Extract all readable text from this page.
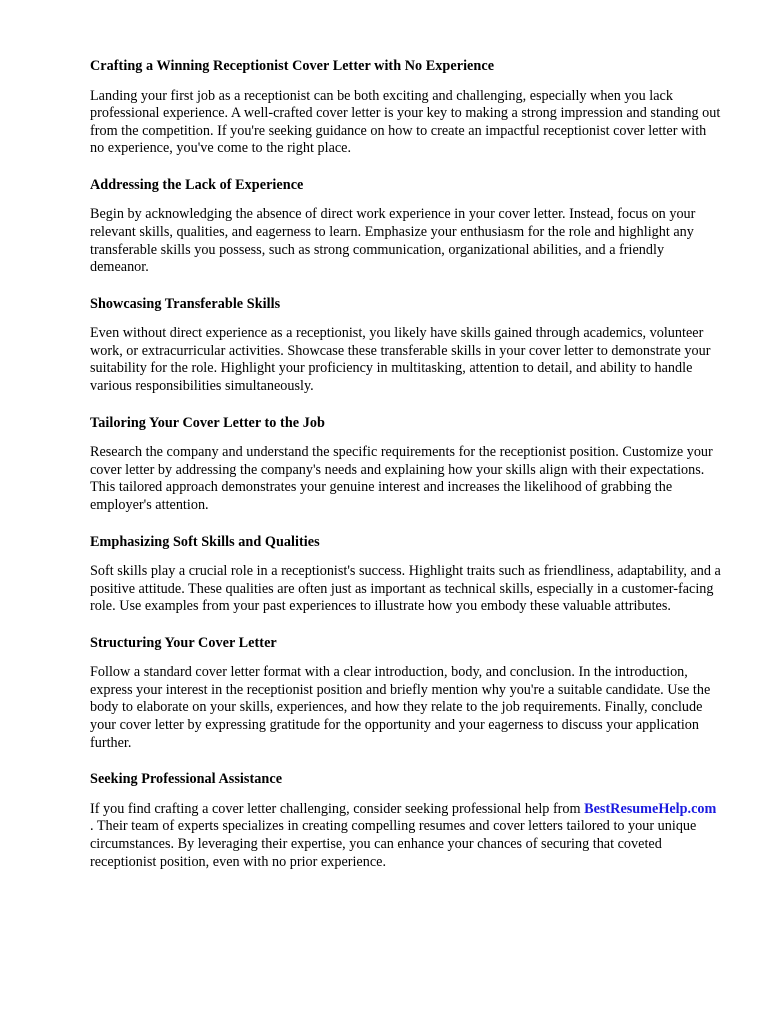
Crafting a Winning Receptionist Cover Letter with No Experience

Landing your first job as a receptionist can be both exciting and challenging, especially when you lack professional experience. A well-crafted cover letter is your key to making a strong impression and standing out from the competition. If you're seeking guidance on how to create an impactful receptionist cover letter with no experience, you've come to the right place.

Addressing the Lack of Experience

Begin by acknowledging the absence of direct work experience in your cover letter. Instead, focus on your relevant skills, qualities, and eagerness to learn. Emphasize your enthusiasm for the role and highlight any transferable skills you possess, such as strong communication, organizational abilities, and a friendly demeanor.

Showcasing Transferable Skills

Even without direct experience as a receptionist, you likely have skills gained through academics, volunteer work, or extracurricular activities. Showcase these transferable skills in your cover letter to demonstrate your suitability for the role. Highlight your proficiency in multitasking, attention to detail, and ability to handle various responsibilities simultaneously.

Tailoring Your Cover Letter to the Job

Research the company and understand the specific requirements for the receptionist position. Customize your cover letter by addressing the company's needs and explaining how your skills align with their expectations. This tailored approach demonstrates your genuine interest and increases the likelihood of grabbing the employer's attention.

Emphasizing Soft Skills and Qualities

Soft skills play a crucial role in a receptionist's success. Highlight traits such as friendliness, adaptability, and a positive attitude. These qualities are often just as important as technical skills, especially in a customer-facing role. Use examples from your past experiences to illustrate how you embody these valuable attributes.

Structuring Your Cover Letter

Follow a standard cover letter format with a clear introduction, body, and conclusion. In the introduction, express your interest in the receptionist position and briefly mention why you're a suitable candidate. Use the body to elaborate on your skills, experiences, and how they relate to the job requirements. Finally, conclude your cover letter by expressing gratitude for the opportunity and your eagerness to discuss your application further.

Seeking Professional Assistance

If you find crafting a cover letter challenging, consider seeking professional help from BestResumeHelp.com . Their team of experts specializes in creating compelling resumes and cover letters tailored to your unique circumstances. By leveraging their expertise, you can enhance your chances of securing that coveted receptionist position, even with no prior experience.
